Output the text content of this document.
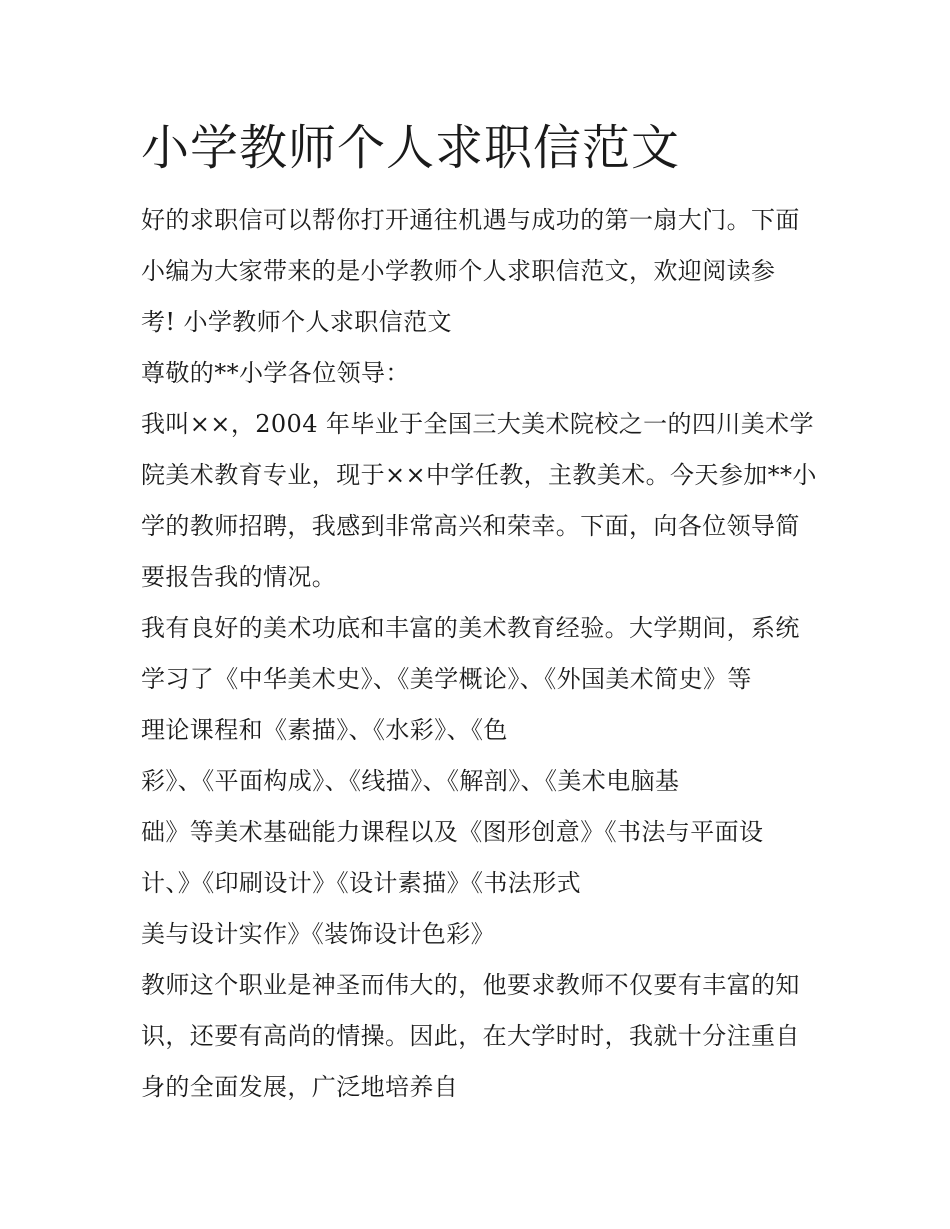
小学教师个人求职信范文

好的求职信可以帮你打开通往机遇与成功的第一扇大门。下面

小编为大家带来的是小学教师个人求职信范文，欢迎阅读参

考! 小学教师个人求职信范文

尊敬的**小学各位领导：

我叫××，2004 年毕业于全国三大美术院校之一的四川美术学

院美术教育专业，现于××中学任教，主教美术。今天参加**小

学的教师招聘，我感到非常高兴和荣幸。下面，向各位领导简

要报告我的情况。

我有良好的美术功底和丰富的美术教育经验。大学期间，系统

学习了《中华美术史》、《美学概论》、《外国美术简史》等

理论课程和《素描》、《水彩》、《色

彩》、《平面构成》、《线描》、《解剖》、《美术电脑基

础》等美术基础能力课程以及《图形创意》《书法与平面设

计、》《印刷设计》《设计素描》《书法形式

美与设计实作》《装饰设计色彩》

教师这个职业是神圣而伟大的，他要求教师不仅要有丰富的知

识，还要有高尚的情操。因此，在大学时时，我就十分注重自

身的全面发展，广泛地培养自
